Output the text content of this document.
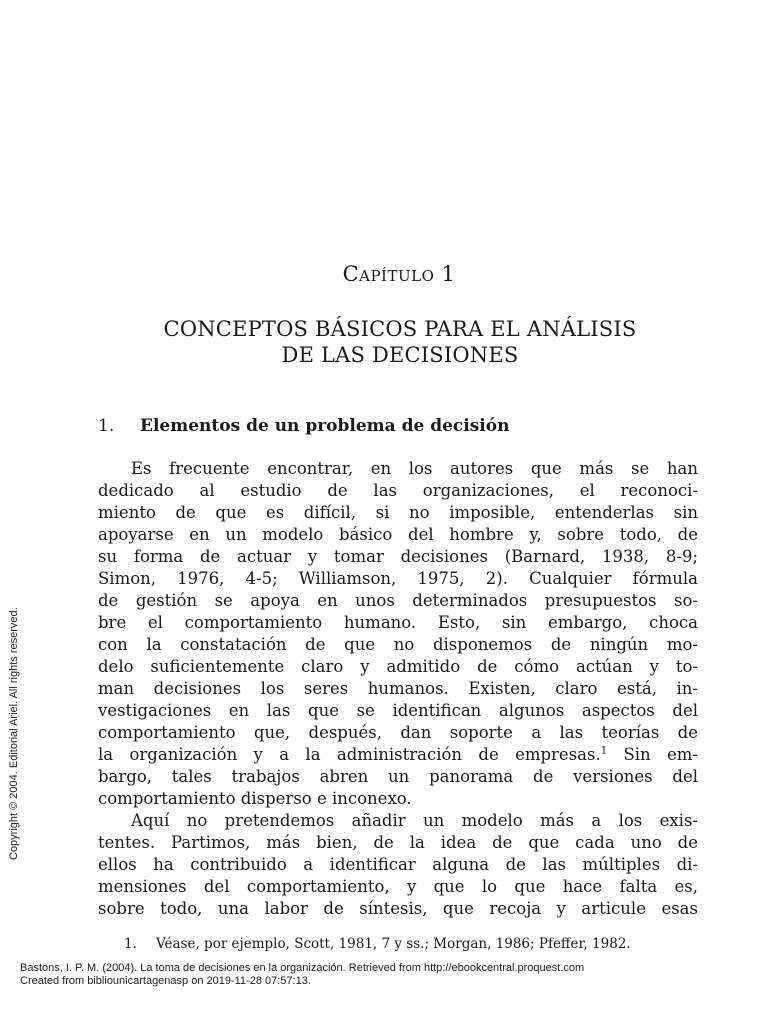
Capítulo 1
CONCEPTOS BÁSICOS PARA EL ANÁLISIS
DE LAS DECISIONES
1. Elementos de un problema de decisión
Es frecuente encontrar, en los autores que más se han
dedicado al estudio de las organizaciones, el reconoci-
miento de que es difícil, si no imposible, entenderlas sin
apoyarse en un modelo básico del hombre y, sobre todo, de
su forma de actuar y tomar decisiones (Barnard, 1938, 8-9;
Simon, 1976, 4-5; Williamson, 1975, 2). Cualquier fórmula
de gestión se apoya en unos determinados presupuestos so-
bre el comportamiento humano. Esto, sin embargo, choca
con la constatación de que no disponemos de ningún mo-
delo suficientemente claro y admitido de cómo actúan y to-
man decisiones los seres humanos. Existen, claro está, in-
vestigaciones en las que se identifican algunos aspectos del
comportamiento que, después, dan soporte a las teorías de
la organización y a la administración de empresas.$^1$ Sin em-
bargo, tales trabajos abren un panorama de versiones del
comportamiento disperso e inconexo.
Aquí no pretendemos añadir un modelo más a los exis-
tentes. Partimos, más bien, de la idea de que cada uno de
ellos ha contribuido a identificar alguna de las múltiples di-
mensiones del comportamiento, y que lo que hace falta es,
sobre todo, una labor de síntesis, que recoja y articule esas
1. Véase, por ejemplo, Scott, 1981, 7 y ss.; Morgan, 1986; Pfeffer, 1982.
Copyright © 2004. Editorial Ariel. All rights reserved.
Bastons, I. P. M. (2004). La toma de decisiones en la organización. Retrieved from http://ebookcentral.proquest.com
Created from bibliounicartagenasp on 2019-11-28 07:57:13.
